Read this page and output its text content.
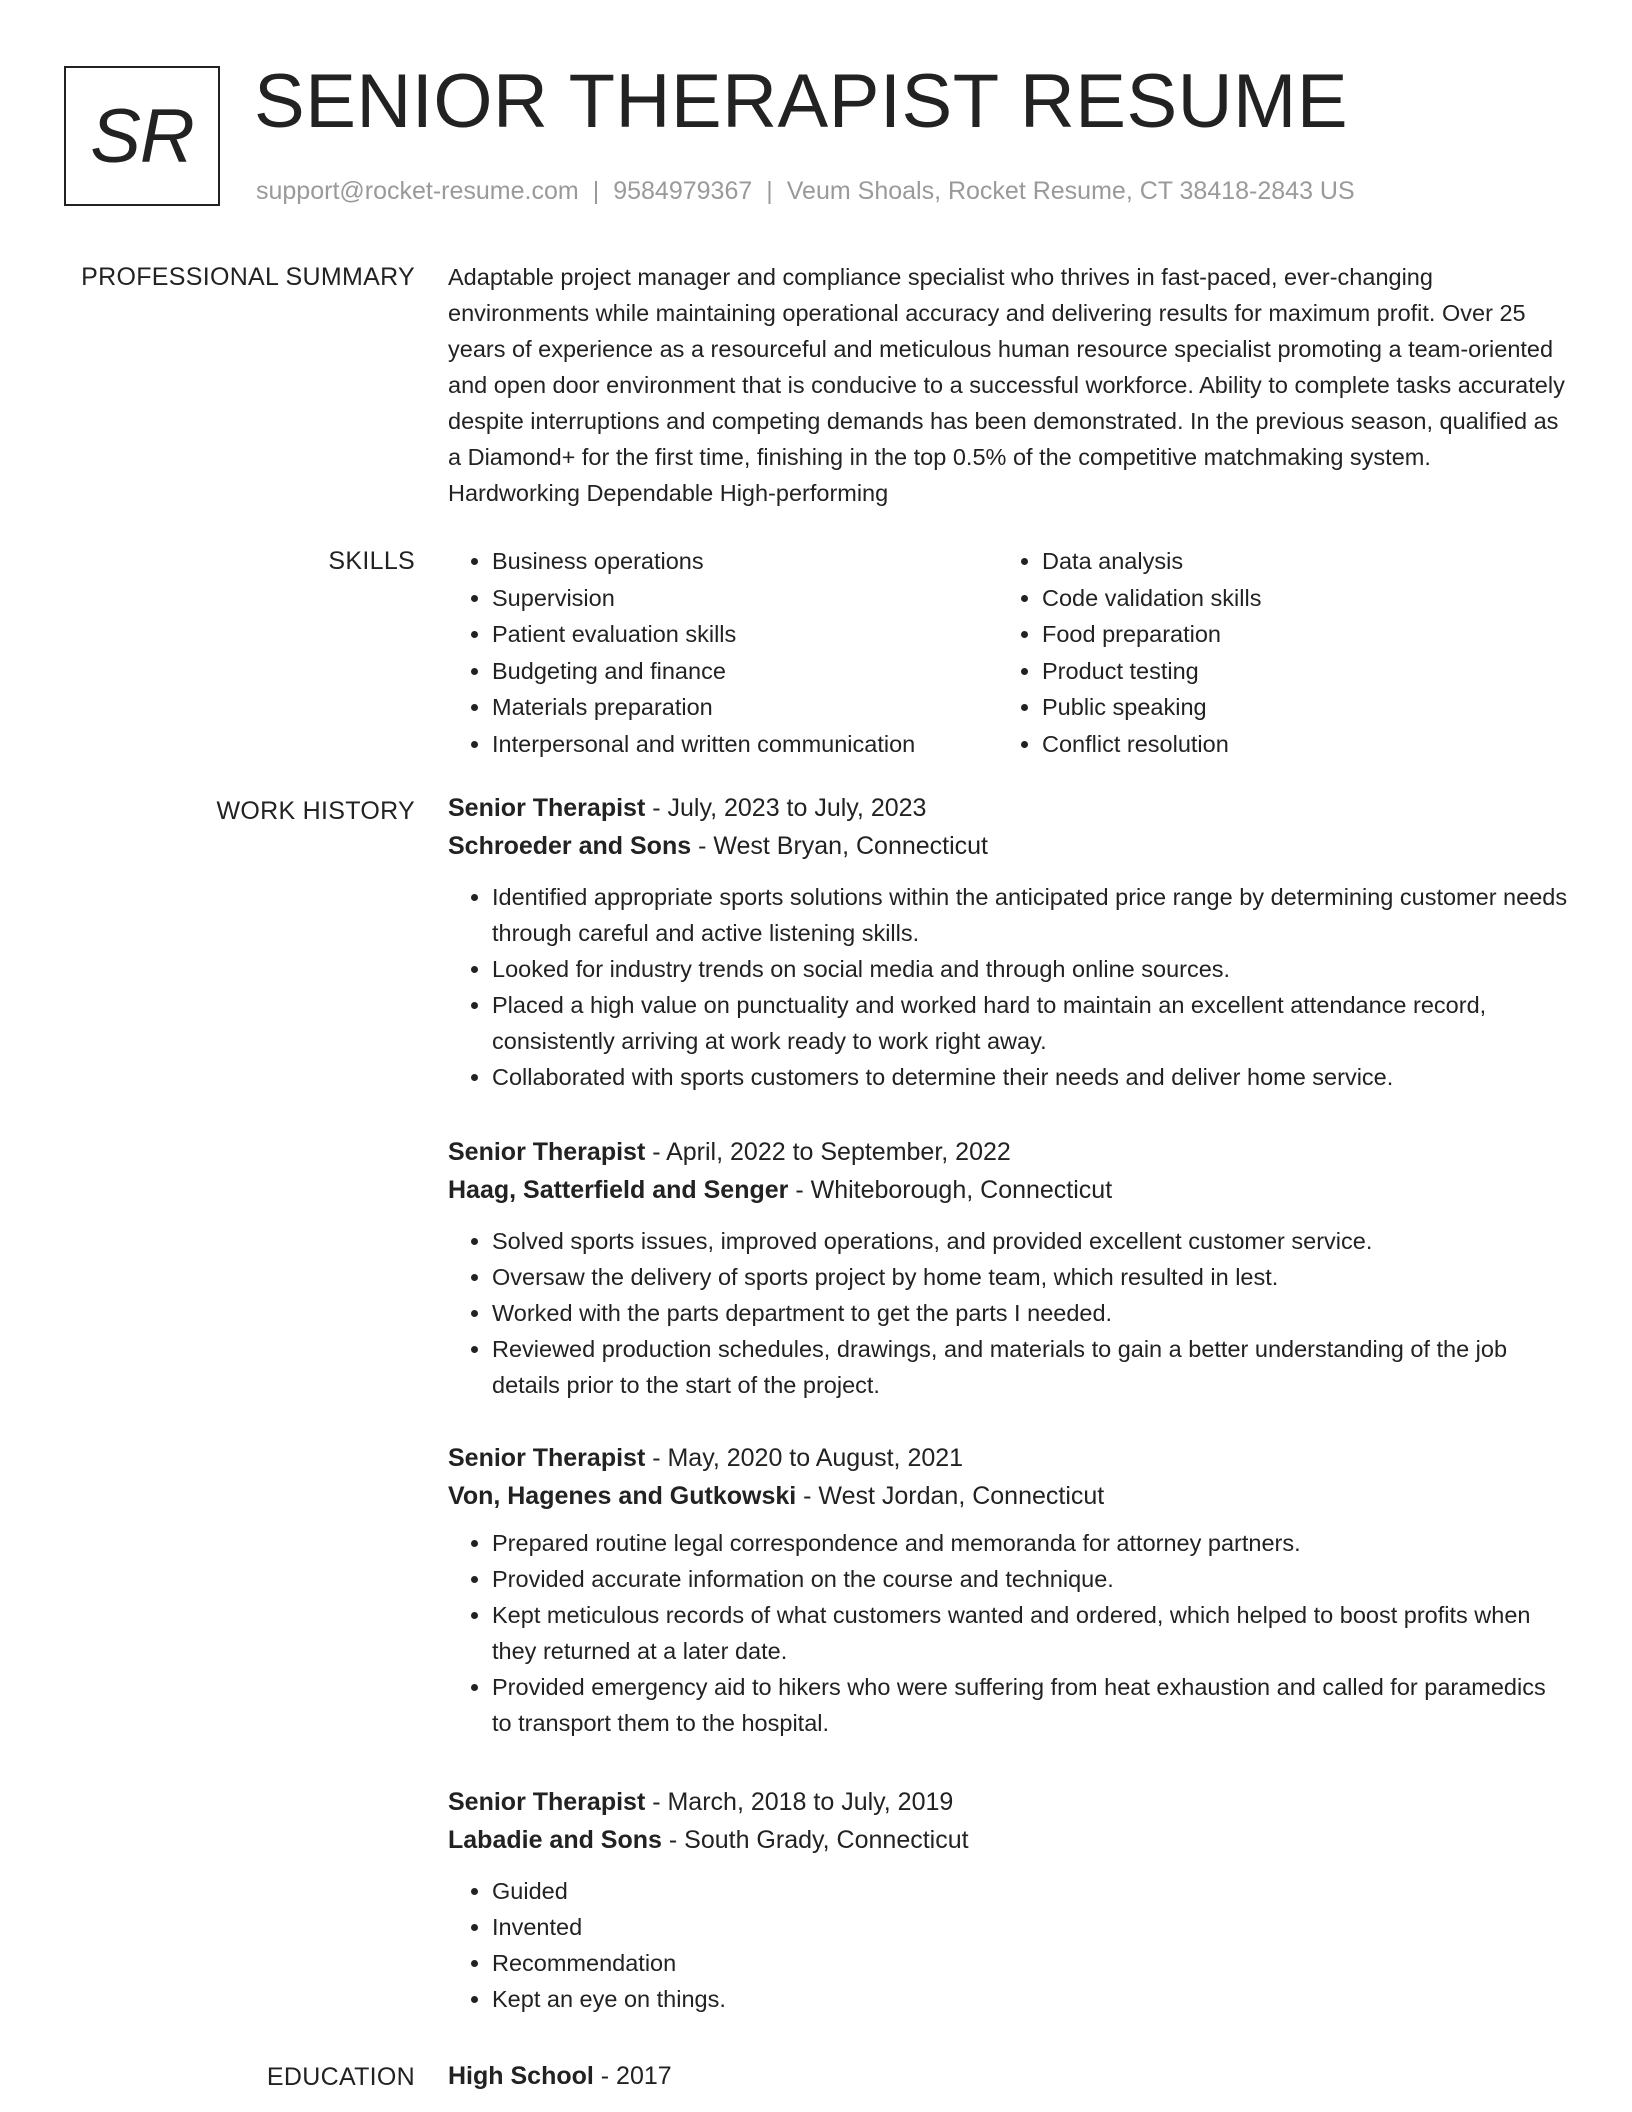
SR SENIOR THERAPIST RESUME
support@rocket-resume.com | 9584979367 | Veum Shoals, Rocket Resume, CT 38418-2843 US
PROFESSIONAL SUMMARY Adaptable project manager and compliance specialist who thrives in fast-paced, ever-changing environments while maintaining operational accuracy and delivering results for maximum profit. Over 25 years of experience as a resourceful and meticulous human resource specialist promoting a team-oriented and open door environment that is conducive to a successful workforce. Ability to complete tasks accurately despite interruptions and competing demands has been demonstrated. In the previous season, qualified as a Diamond+ for the first time, finishing in the top 0.5% of the competitive matchmaking system. Hardworking Dependable High-performing

SKILLS
•	Business operations
• Supervision
• Patient evaluation skills
• Budgeting and finance
• Materials preparation
• Interpersonal and written communication
• Data analysis
• Code validation skills
• Food preparation
• Product testing
• Public speaking
• Conflict resolution
WORK HISTORY Senior Therapist - July, 2023 to July, 2023
Schroeder and Sons - West Bryan, Connecticut
• Identified appropriate sports solutions within the anticipated price range by determining customer needs through careful and active listening skills.
• Looked for industry trends on social media and through online sources.
• Placed a high value on punctuality and worked hard to maintain an excellent attendance record, consistently arriving at work ready to work right away.
• Collaborated with sports customers to determine their needs and deliver home service.
Senior Therapist - April, 2022 to September, 2022
Haag, Satterfield and Senger - Whiteborough, Connecticut
• Solved sports issues, improved operations, and provided excellent customer service.
• Oversaw the delivery of sports project by home team, which resulted in lest.
• Worked with the parts department to get the parts I needed.
• Reviewed production schedules, drawings, and materials to gain a better understanding of the job details prior to the start of the project.
Senior Therapist - May, 2020 to August, 2021
Von, Hagenes and Gutkowski - West Jordan, Connecticut
• Prepared routine legal correspondence and memoranda for attorney partners.
• Provided accurate information on the course and technique.
• Kept meticulous records of what customers wanted and ordered, which helped to boost profits when they returned at a later date.
• Provided emergency aid to hikers who were suffering from heat exhaustion and called for paramedics to transport them to the hospital.
Senior Therapist - March, 2018 to July, 2019
Labadie and Sons - South Grady, Connecticut
• Guided
• Invented
• Recommendation
• Kept an eye on things.
EDUCATION High School - 2017
